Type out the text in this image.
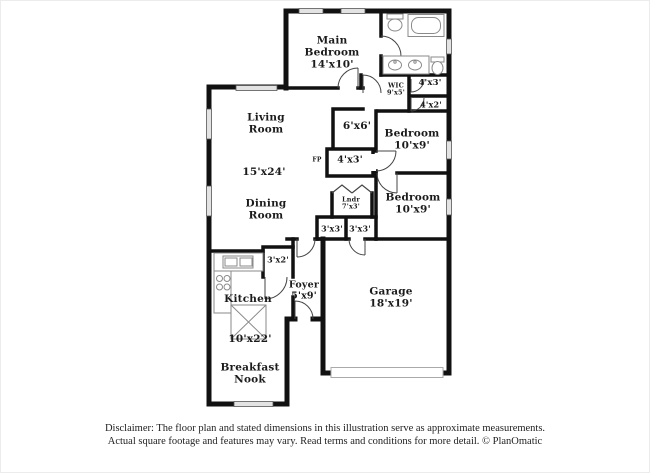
Main Bedroom
14'x10'
WIC
9'x5'
4'x3'
4'x2'
Living Room
15'x24'
Dining Room
6'x6'
FP 4'x3'
Bedroom
10'x9'
Bedroom
10'x9'
Lndr
7'x3'
3'x3' 3'x3'
3'x2'
Foyer
5'x9'
Kitchen
10'x22'
Breakfast Nook
Garage
18'x19'
Disclaimer: The floor plan and stated dimensions in this illustration serve as approximate measurements.
Actual square footage and features may vary. Read terms and conditions for more detail. © PlanOmatic
